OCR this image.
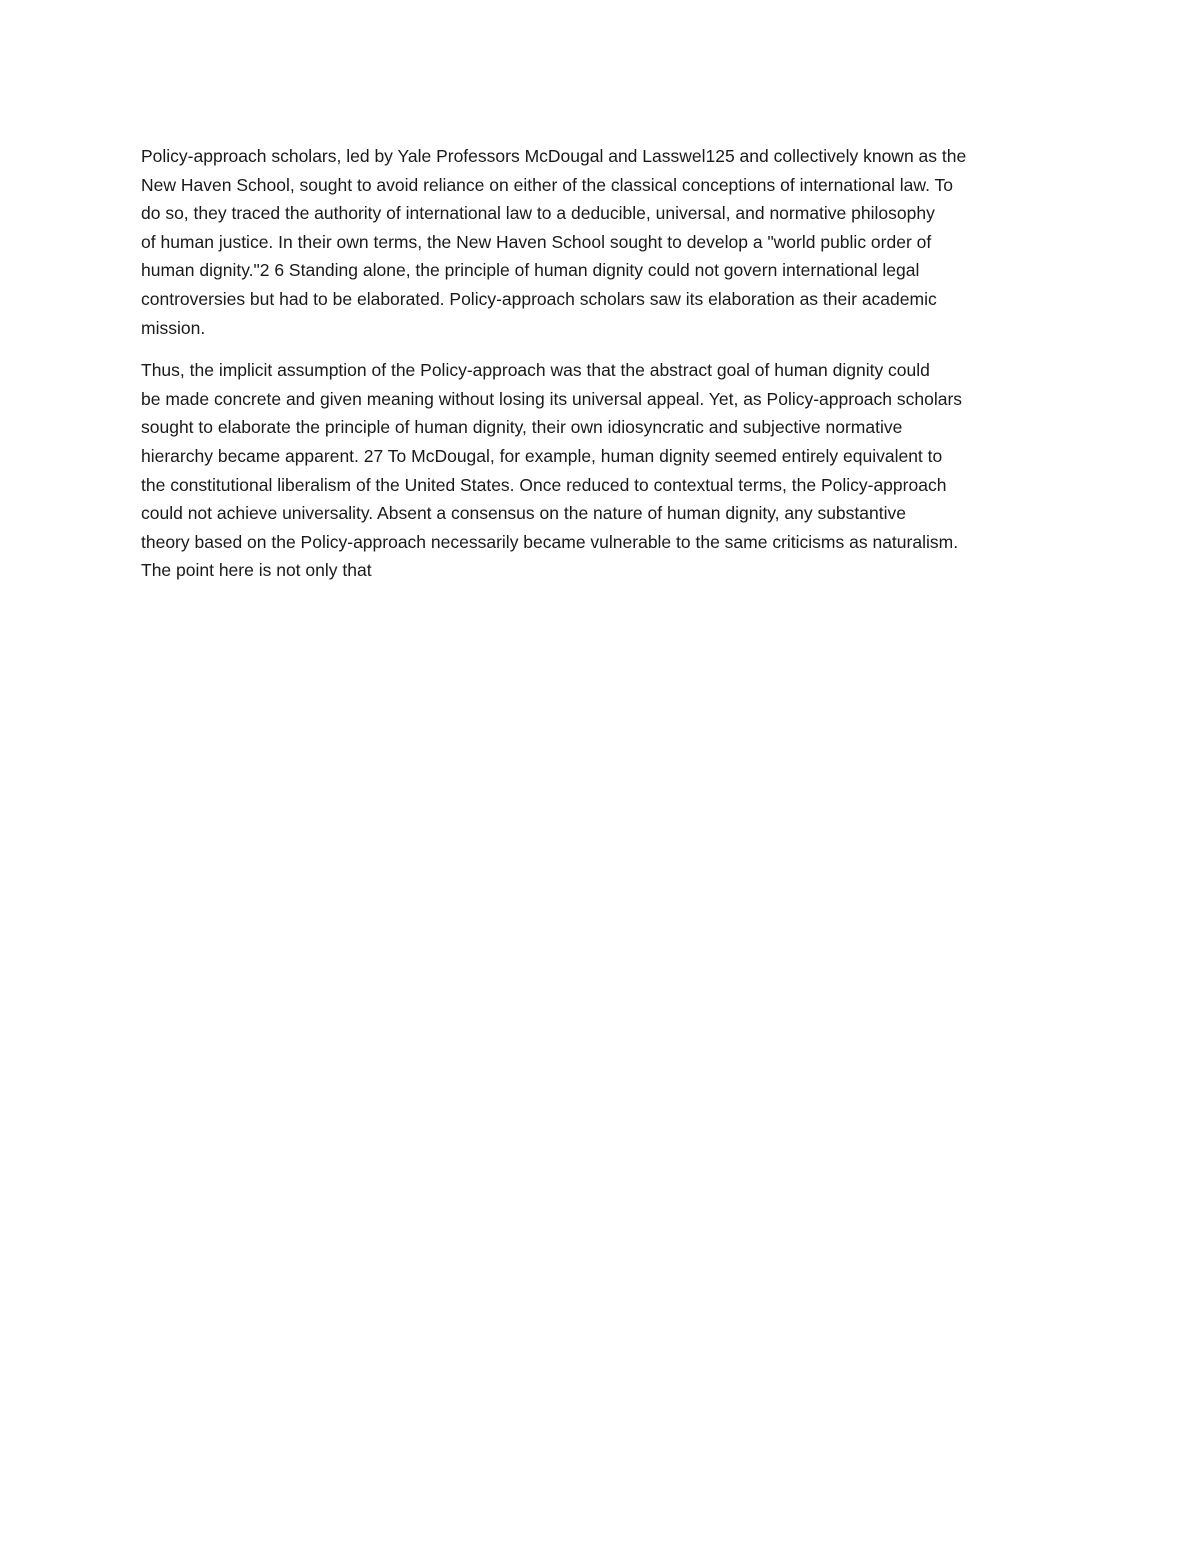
Policy-approach scholars, led by Yale Professors McDougal and Lasswel125 and collectively known as the
New Haven School, sought to avoid reliance on either of the classical conceptions of international law. To
do so, they traced the authority of international law to a deducible, universal, and normative philosophy
of human justice. In their own terms, the New Haven School sought to develop a "world public order of
human dignity."2 6 Standing alone, the principle of human dignity could not govern international legal
controversies but had to be elaborated. Policy-approach scholars saw its elaboration as their academic
mission.

Thus, the implicit assumption of the Policy-approach was that the abstract goal of human dignity could
be made concrete and given meaning without losing its universal appeal. Yet, as Policy-approach scholars
sought to elaborate the principle of human dignity, their own idiosyncratic and subjective normative
hierarchy became apparent. 27 To McDougal, for example, human dignity seemed entirely equivalent to
the constitutional liberalism of the United States. Once reduced to contextual terms, the Policy-approach
could not achieve universality. Absent a consensus on the nature of human dignity, any substantive
theory based on the Policy-approach necessarily became vulnerable to the same criticisms as naturalism.
The point here is not only that
